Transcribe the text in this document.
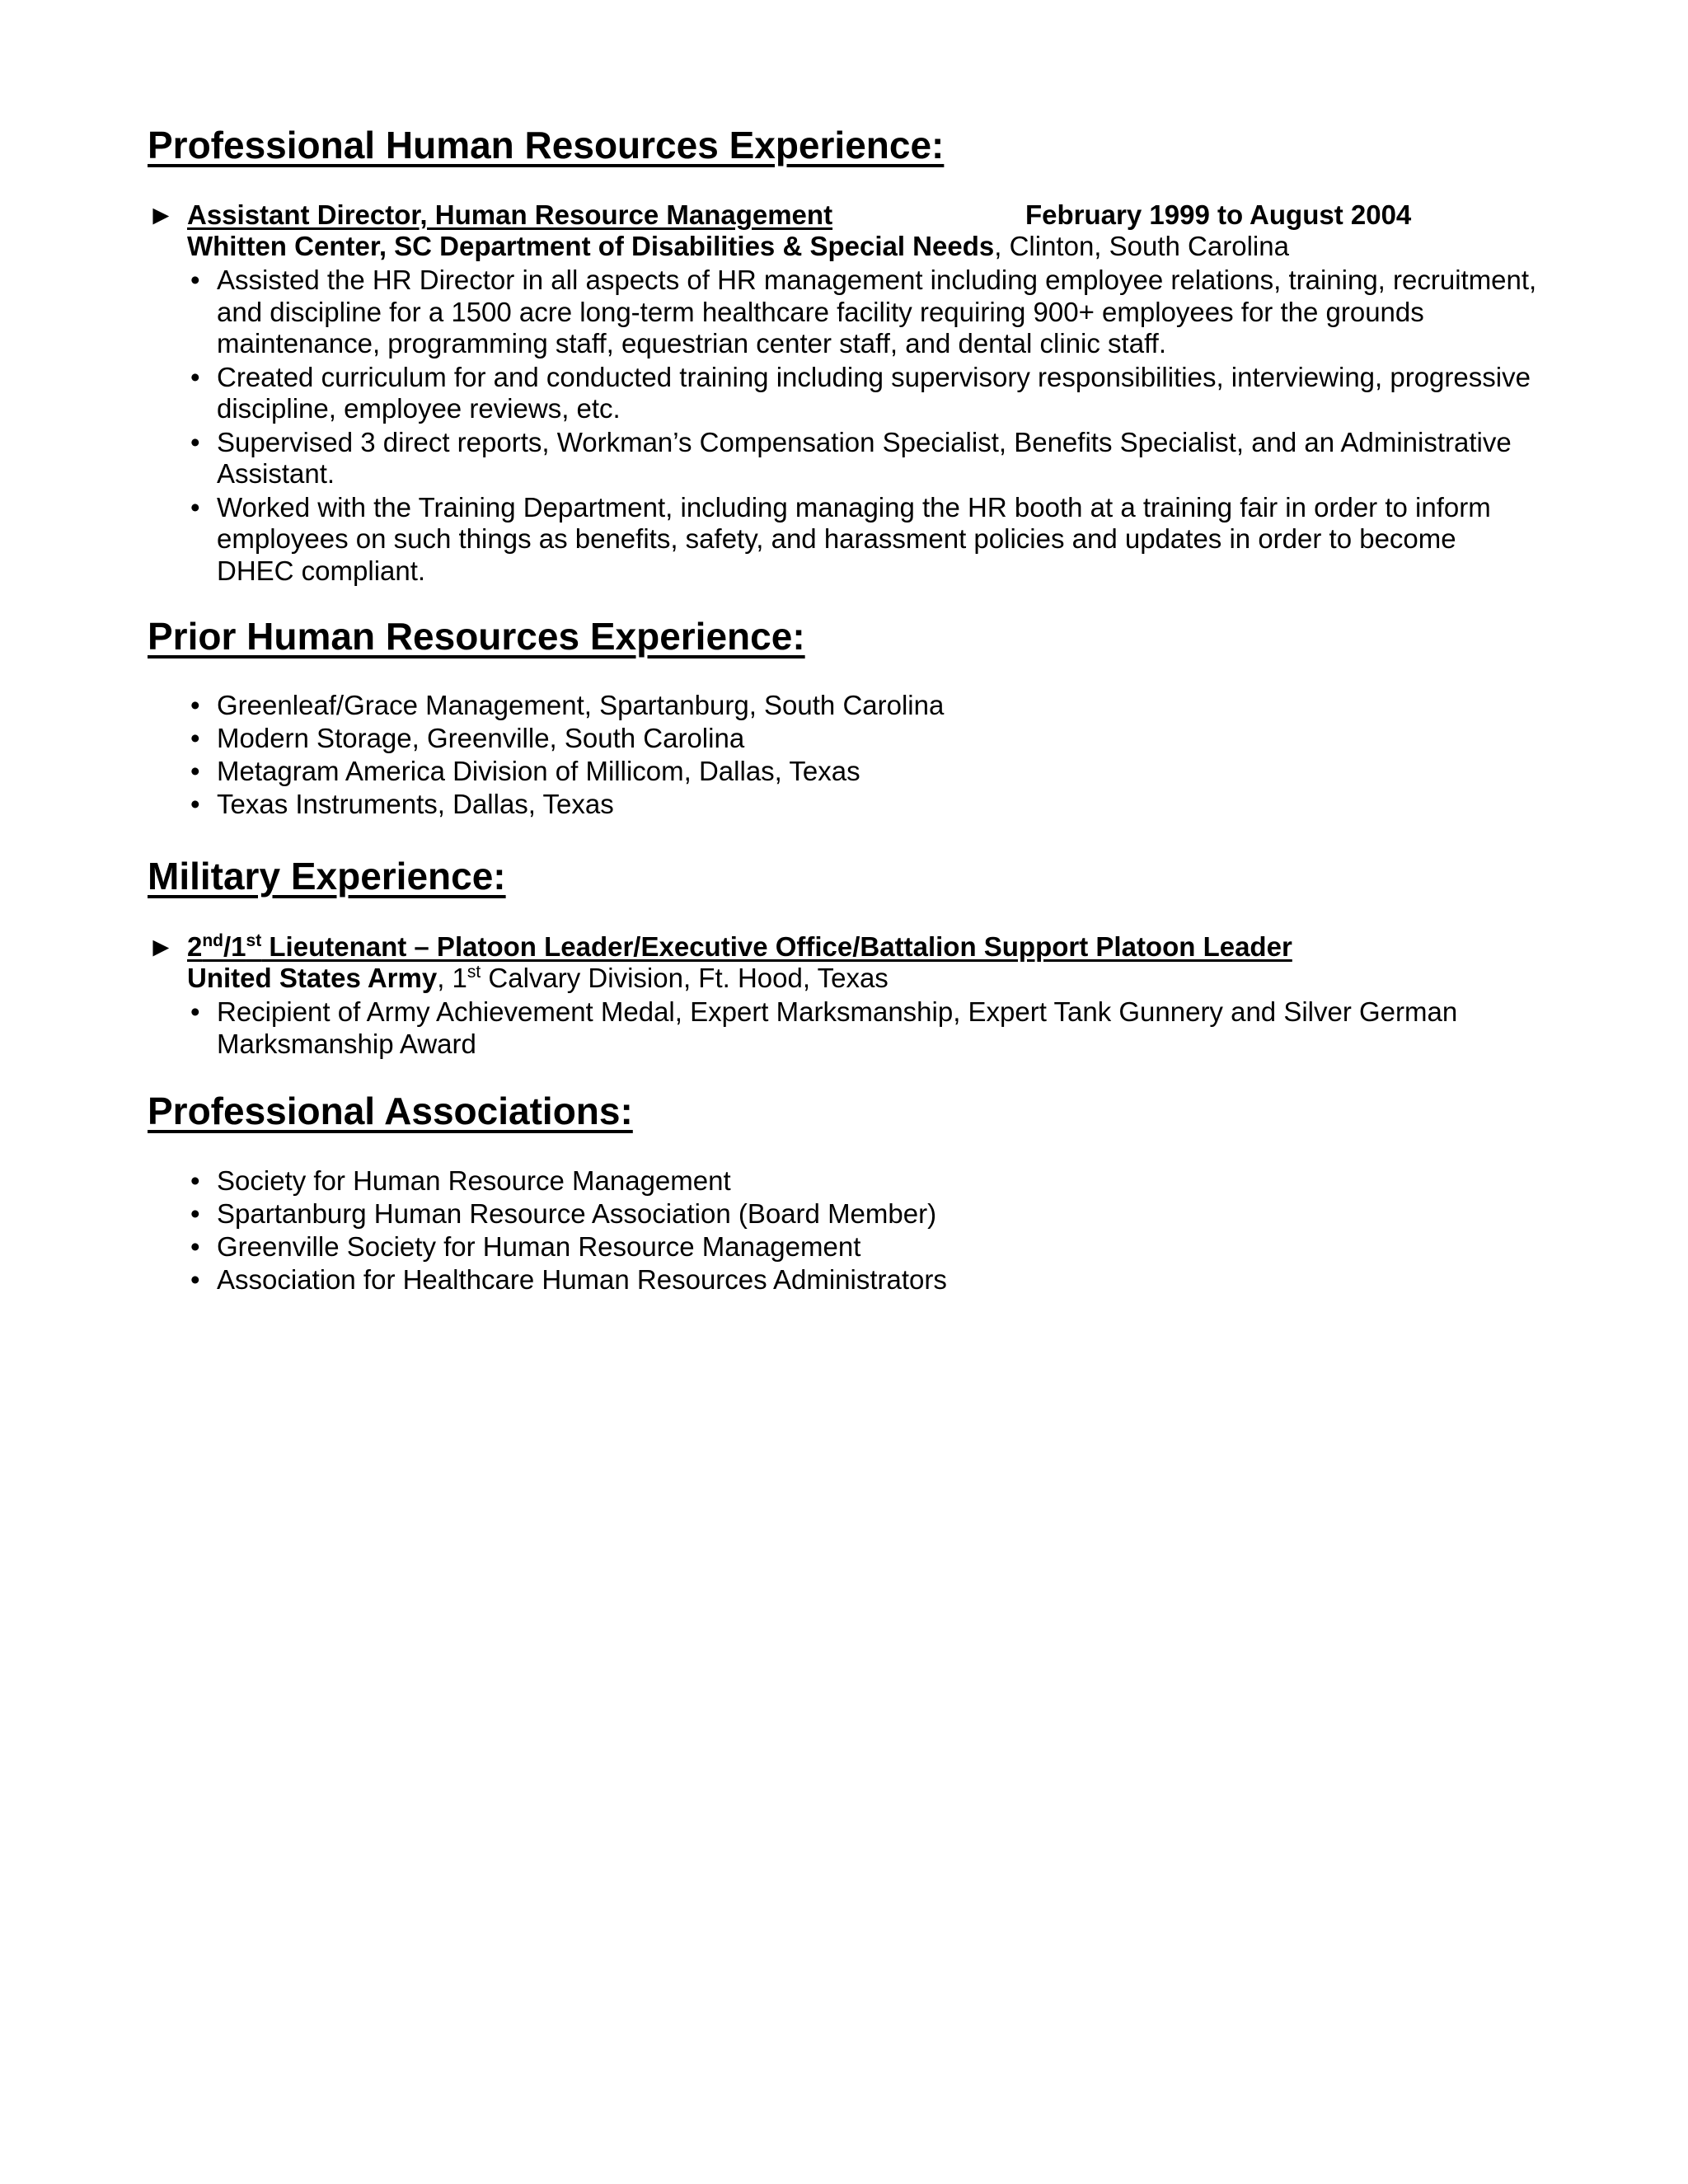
Professional Human Resources Experience:
► Assistant Director, Human Resource Management	February 1999 to August 2004
Whitten Center, SC Department of Disabilities & Special Needs, Clinton, South Carolina
• Assisted the HR Director in all aspects of HR management including employee relations, training, recruitment, and discipline for a 1500 acre long-term healthcare facility requiring 900+ employees for the grounds maintenance, programming staff, equestrian center staff, and dental clinic staff.
• Created curriculum for and conducted training including supervisory responsibilities, interviewing, progressive discipline, employee reviews, etc.
• Supervised 3 direct reports, Workman’s Compensation Specialist, Benefits Specialist, and an Administrative Assistant.
• Worked with the Training Department, including managing the HR booth at a training fair in order to inform employees on such things as benefits, safety, and harassment policies and updates in order to become DHEC compliant.
Prior Human Resources Experience:
• Greenleaf/Grace Management, Spartanburg, South Carolina
• Modern Storage, Greenville, South Carolina
• Metagram America Division of Millicom, Dallas, Texas
• Texas Instruments, Dallas, Texas
Military Experience:
► 2nd/1st Lieutenant – Platoon Leader/Executive Office/Battalion Support Platoon Leader
United States Army, 1st Calvary Division, Ft. Hood, Texas
• Recipient of Army Achievement Medal, Expert Marksmanship, Expert Tank Gunnery and Silver German Marksmanship Award
Professional Associations:
• Society for Human Resource Management
• Spartanburg Human Resource Association (Board Member)
• Greenville Society for Human Resource Management
• Association for Healthcare Human Resources Administrators
